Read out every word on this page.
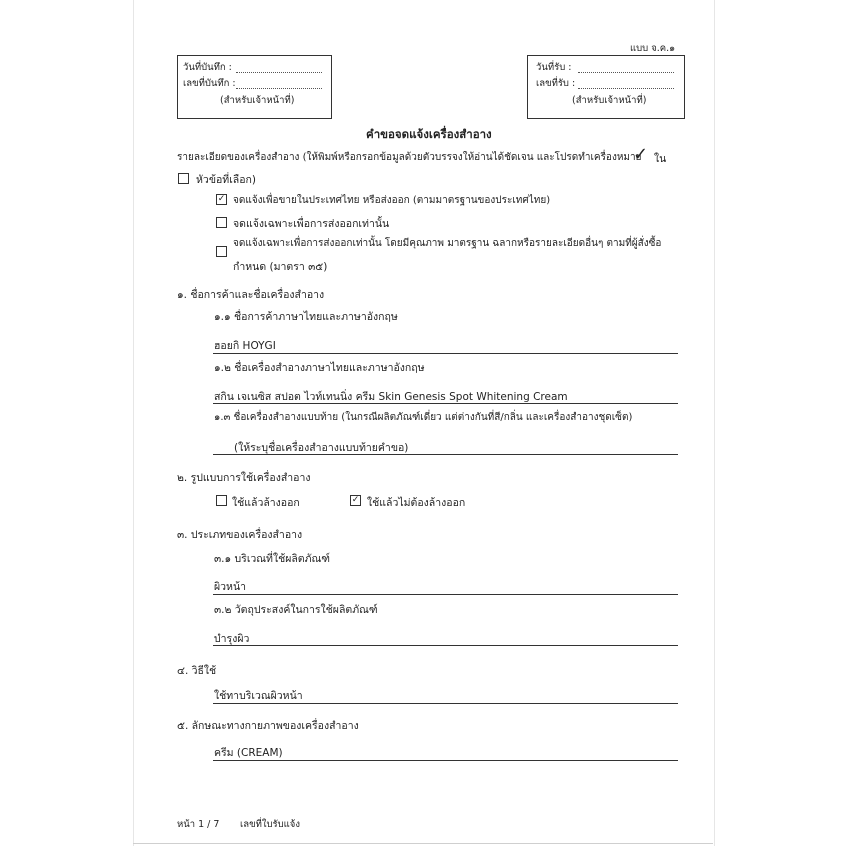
แบบ จ.ค.๑
วันที่บันทึก :
เลขที่บันทึก :
(สำหรับเจ้าหน้าที่)
วันที่รับ :
เลขที่รับ :
(สำหรับเจ้าหน้าที่)
คำขอจดแจ้งเครื่องสำอาง
รายละเอียดของเครื่องสำอาง (ให้พิมพ์หรือกรอกข้อมูลด้วยตัวบรรจงให้อ่านได้ชัดเจน และโปรดทำเครื่องหมาย
✓ ใน
หัวข้อที่เลือก)
✓ จดแจ้งเพื่อขายในประเทศไทย หรือส่งออก (ตามมาตรฐานของประเทศไทย)
จดแจ้งเฉพาะเพื่อการส่งออกเท่านั้น
จดแจ้งเฉพาะเพื่อการส่งออกเท่านั้น โดยมีคุณภาพ มาตรฐาน ฉลากหรือรายละเอียดอื่นๆ ตามที่ผู้สั่งซื้อ
กำหนด (มาตรา ๓๕)
๑. ชื่อการค้าและชื่อเครื่องสำอาง
๑.๑ ชื่อการค้าภาษาไทยและภาษาอังกฤษ
ฮอยกิ HOYGI
๑.๒ ชื่อเครื่องสำอางภาษาไทยและภาษาอังกฤษ
สกิน เจเนซิส สปอต ไวท์เทนนิ่ง ครีม Skin Genesis Spot Whitening Cream
๑.๓ ชื่อเครื่องสำอางแบบท้าย (ในกรณีผลิตภัณฑ์เดี่ยว แต่ต่างกันที่สี/กลิ่น และเครื่องสำอางชุดเซ็ต)
(ให้ระบุชื่อเครื่องสำอางแบบท้ายคำขอ)
๒. รูปแบบการใช้เครื่องสำอาง
ใช้แล้วล้างออก	✓ ใช้แล้วไม่ต้องล้างออก
๓. ประเภทของเครื่องสำอาง
๓.๑ บริเวณที่ใช้ผลิตภัณฑ์
ผิวหน้า
๓.๒ วัตถุประสงค์ในการใช้ผลิตภัณฑ์
บำรุงผิว
๔. วิธีใช้
ใช้ทาบริเวณผิวหน้า
๕. ลักษณะทางกายภาพของเครื่องสำอาง
ครีม (CREAM)
หน้า 1 / 7 เลขที่ใบรับแจ้ง
